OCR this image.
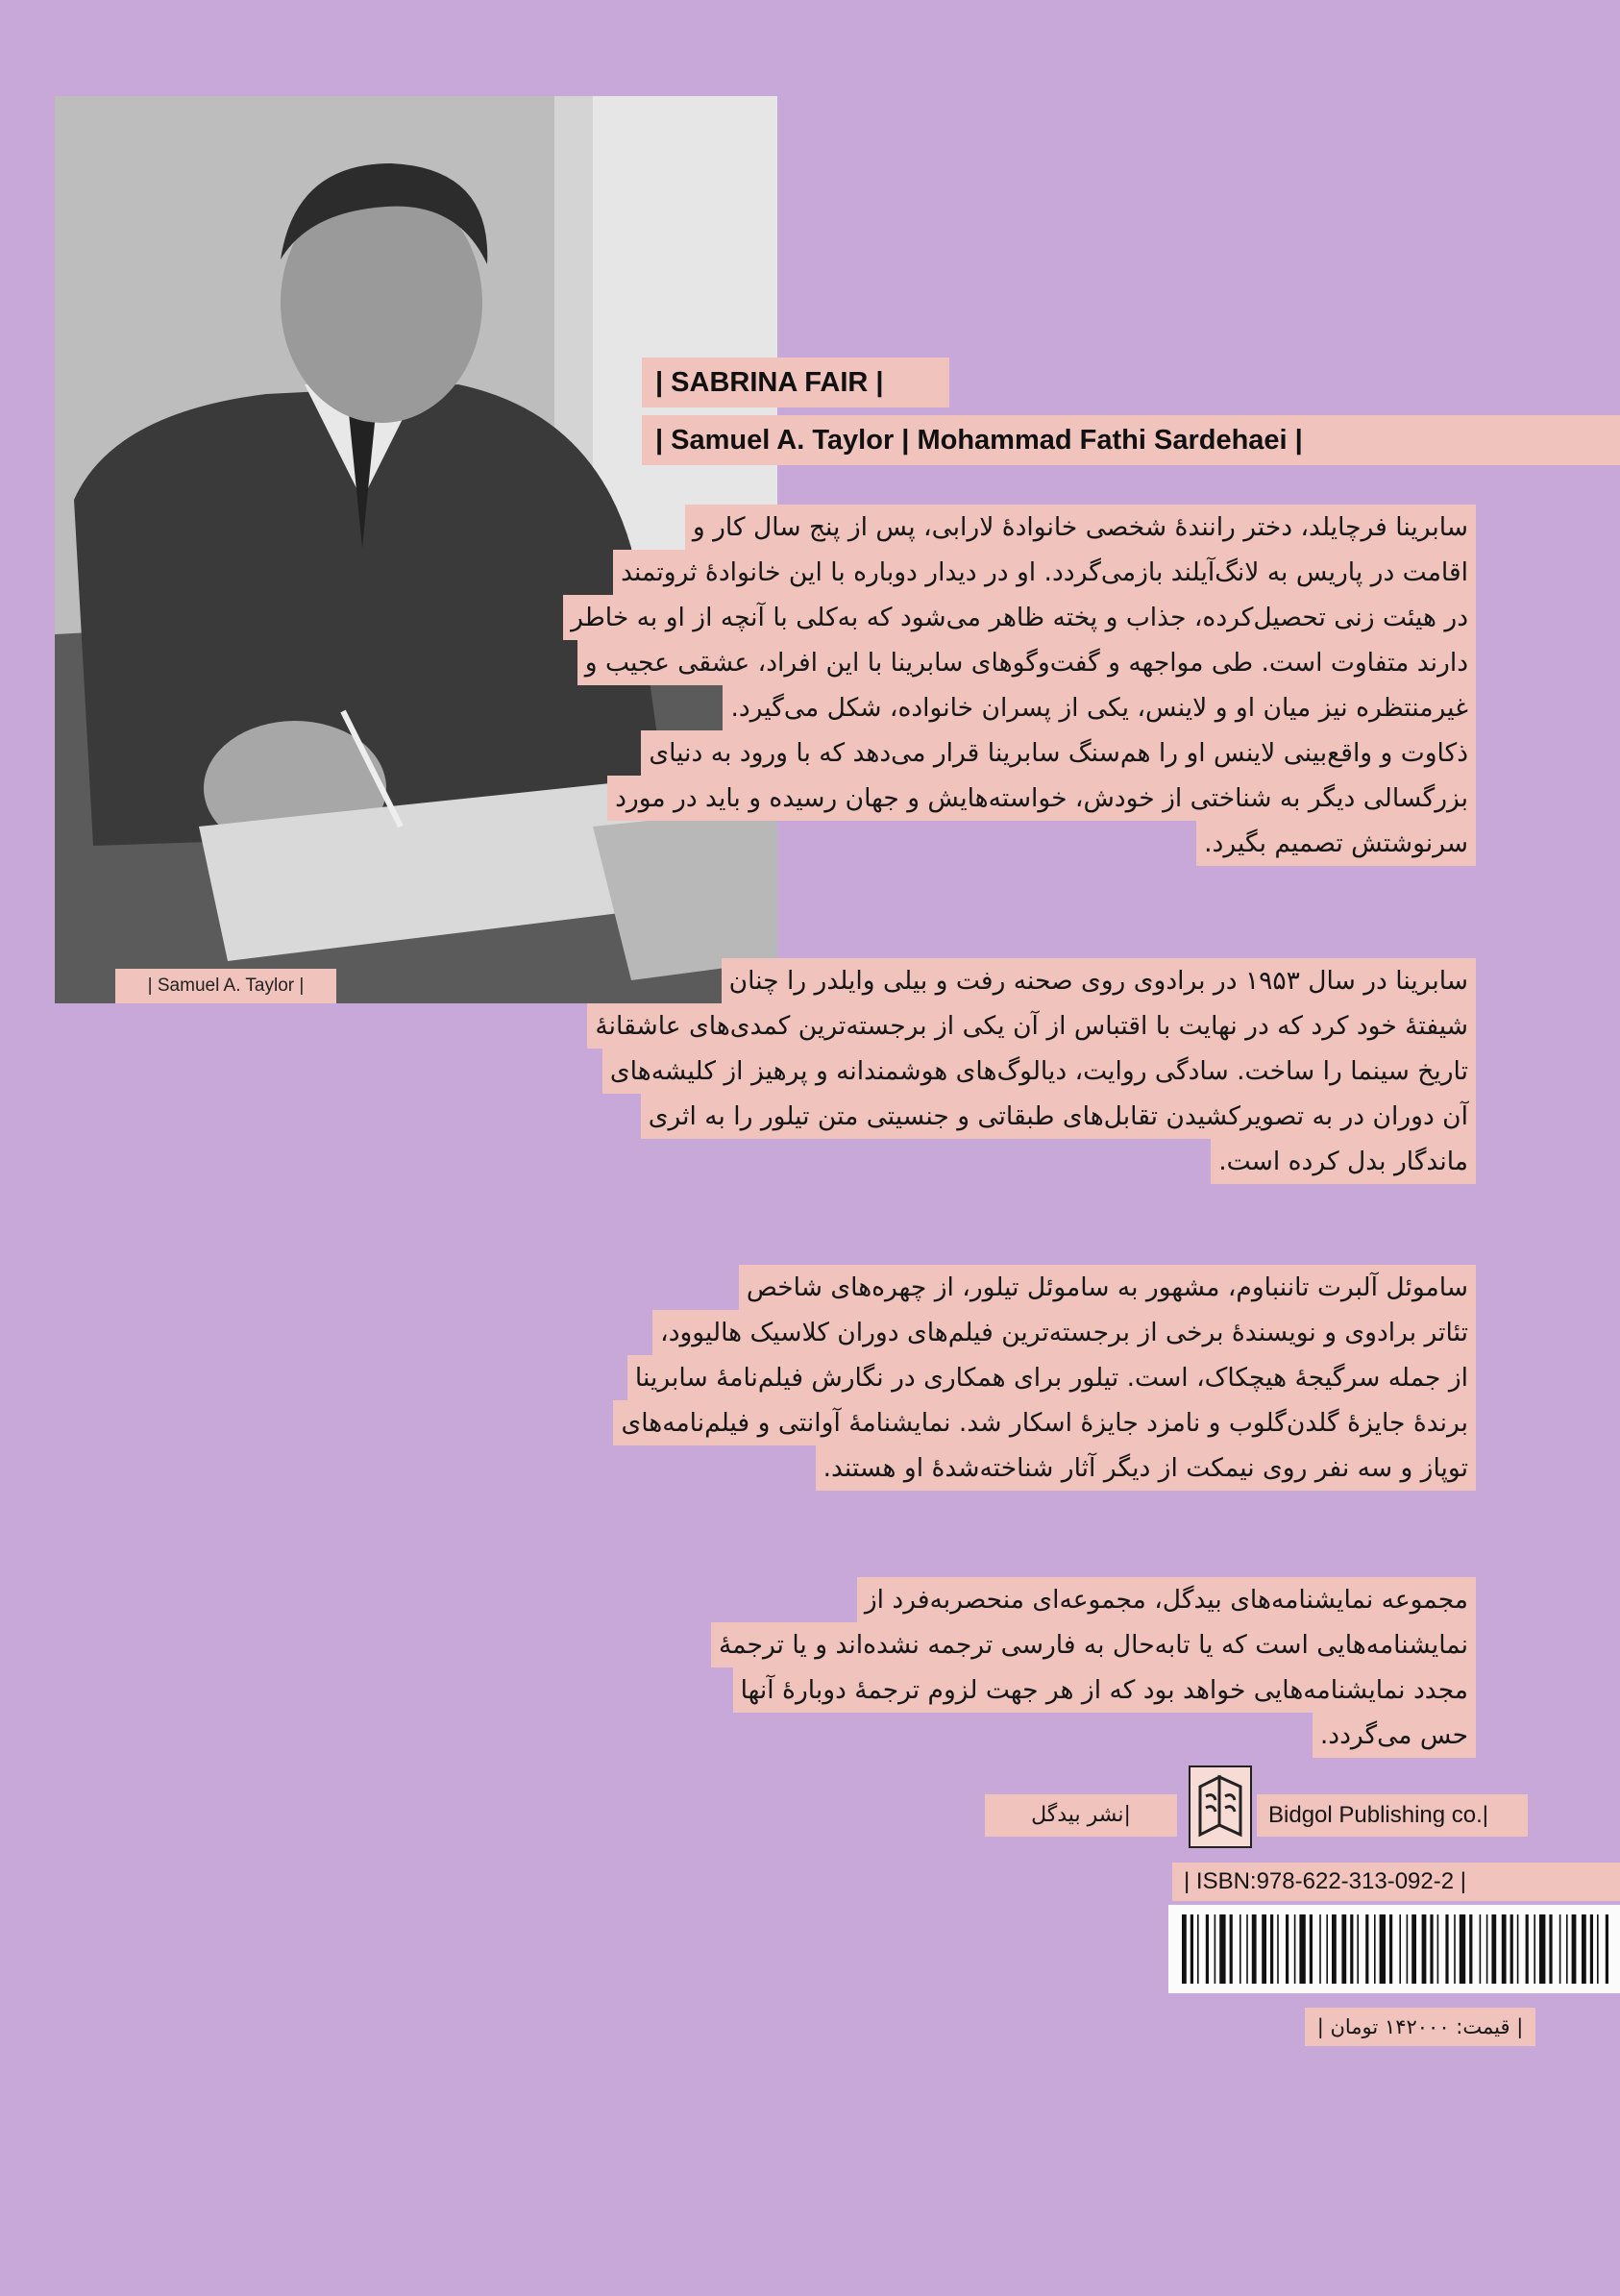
| Samuel A. Taylor |
| SABRINA FAIR |
| Samuel A. Taylor | Mohammad Fathi Sardehaei |
سابرینا فرچایلد، دختر رانندهٔ شخصی خانوادهٔ لارابی، پس از پنج سال کار و
اقامت در پاریس به لانگ‌آیلند بازمی‌گردد. او در دیدار دوباره با این خانوادهٔ ثروتمند
در هیئت زنی تحصیل‌کرده، جذاب و پخته ظاهر می‌شود که به‌کلی با آنچه از او به خاطر
دارند متفاوت است. طی مواجهه و گفت‌وگوهای سابرینا با این افراد، عشقی عجیب و
غیرمنتظره نیز میان او و لاینس، یکی از پسران خانواده، شکل می‌گیرد.
ذکاوت و واقع‌بینی لاینس او را هم‌سنگ سابرینا قرار می‌دهد که با ورود به دنیای
بزرگسالی دیگر به شناختی از خودش، خواسته‌هایش و جهان رسیده و باید در مورد
سرنوشتش تصمیم بگیرد.
سابرینا در سال ۱۹۵۳ در برادوی روی صحنه رفت و بیلی وایلدر را چنان
شیفتهٔ خود کرد که در نهایت با اقتباس از آن یکی از برجسته‌ترین کمدی‌های عاشقانهٔ
تاریخ سینما را ساخت. سادگی روایت، دیالوگ‌های هوشمندانه و پرهیز از کلیشه‌های
آن دوران در به تصویرکشیدن تقابل‌های طبقاتی و جنسیتی متن تیلور را به اثری
ماندگار بدل کرده است.
ساموئل آلبرت تاننباوم، مشهور به ساموئل تیلور، از چهره‌های شاخص
تئاتر برادوی و نویسندهٔ برخی از برجسته‌ترین فیلم‌های دوران کلاسیک هالیوود،
از جمله سرگیجهٔ هیچکاک، است. تیلور برای همکاری در نگارش فیلم‌نامهٔ سابرینا
برندهٔ جایزهٔ گلدن‌گلوب و نامزد جایزهٔ اسکار شد. نمایشنامهٔ آوانتی و فیلم‌نامه‌های
توپاز و سه نفر روی نیمکت از دیگر آثار شناخته‌شدهٔ او هستند.
مجموعه نمایشنامه‌های بیدگل، مجموعه‌ای منحصربه‌فرد از
نمایشنامه‌هایی است که یا تابه‌حال به فارسی ترجمه نشده‌اند و یا ترجمهٔ
مجدد نمایشنامه‌هایی خواهد بود که از هر جهت لزوم ترجمهٔ دوبارهٔ آنها
حس می‌گردد.
|نشر بیدگل	Bidgol Publishing co.|
| ISBN:978-622-313-092-2 |
| قیمت: ۱۴۲۰۰۰ تومان |
